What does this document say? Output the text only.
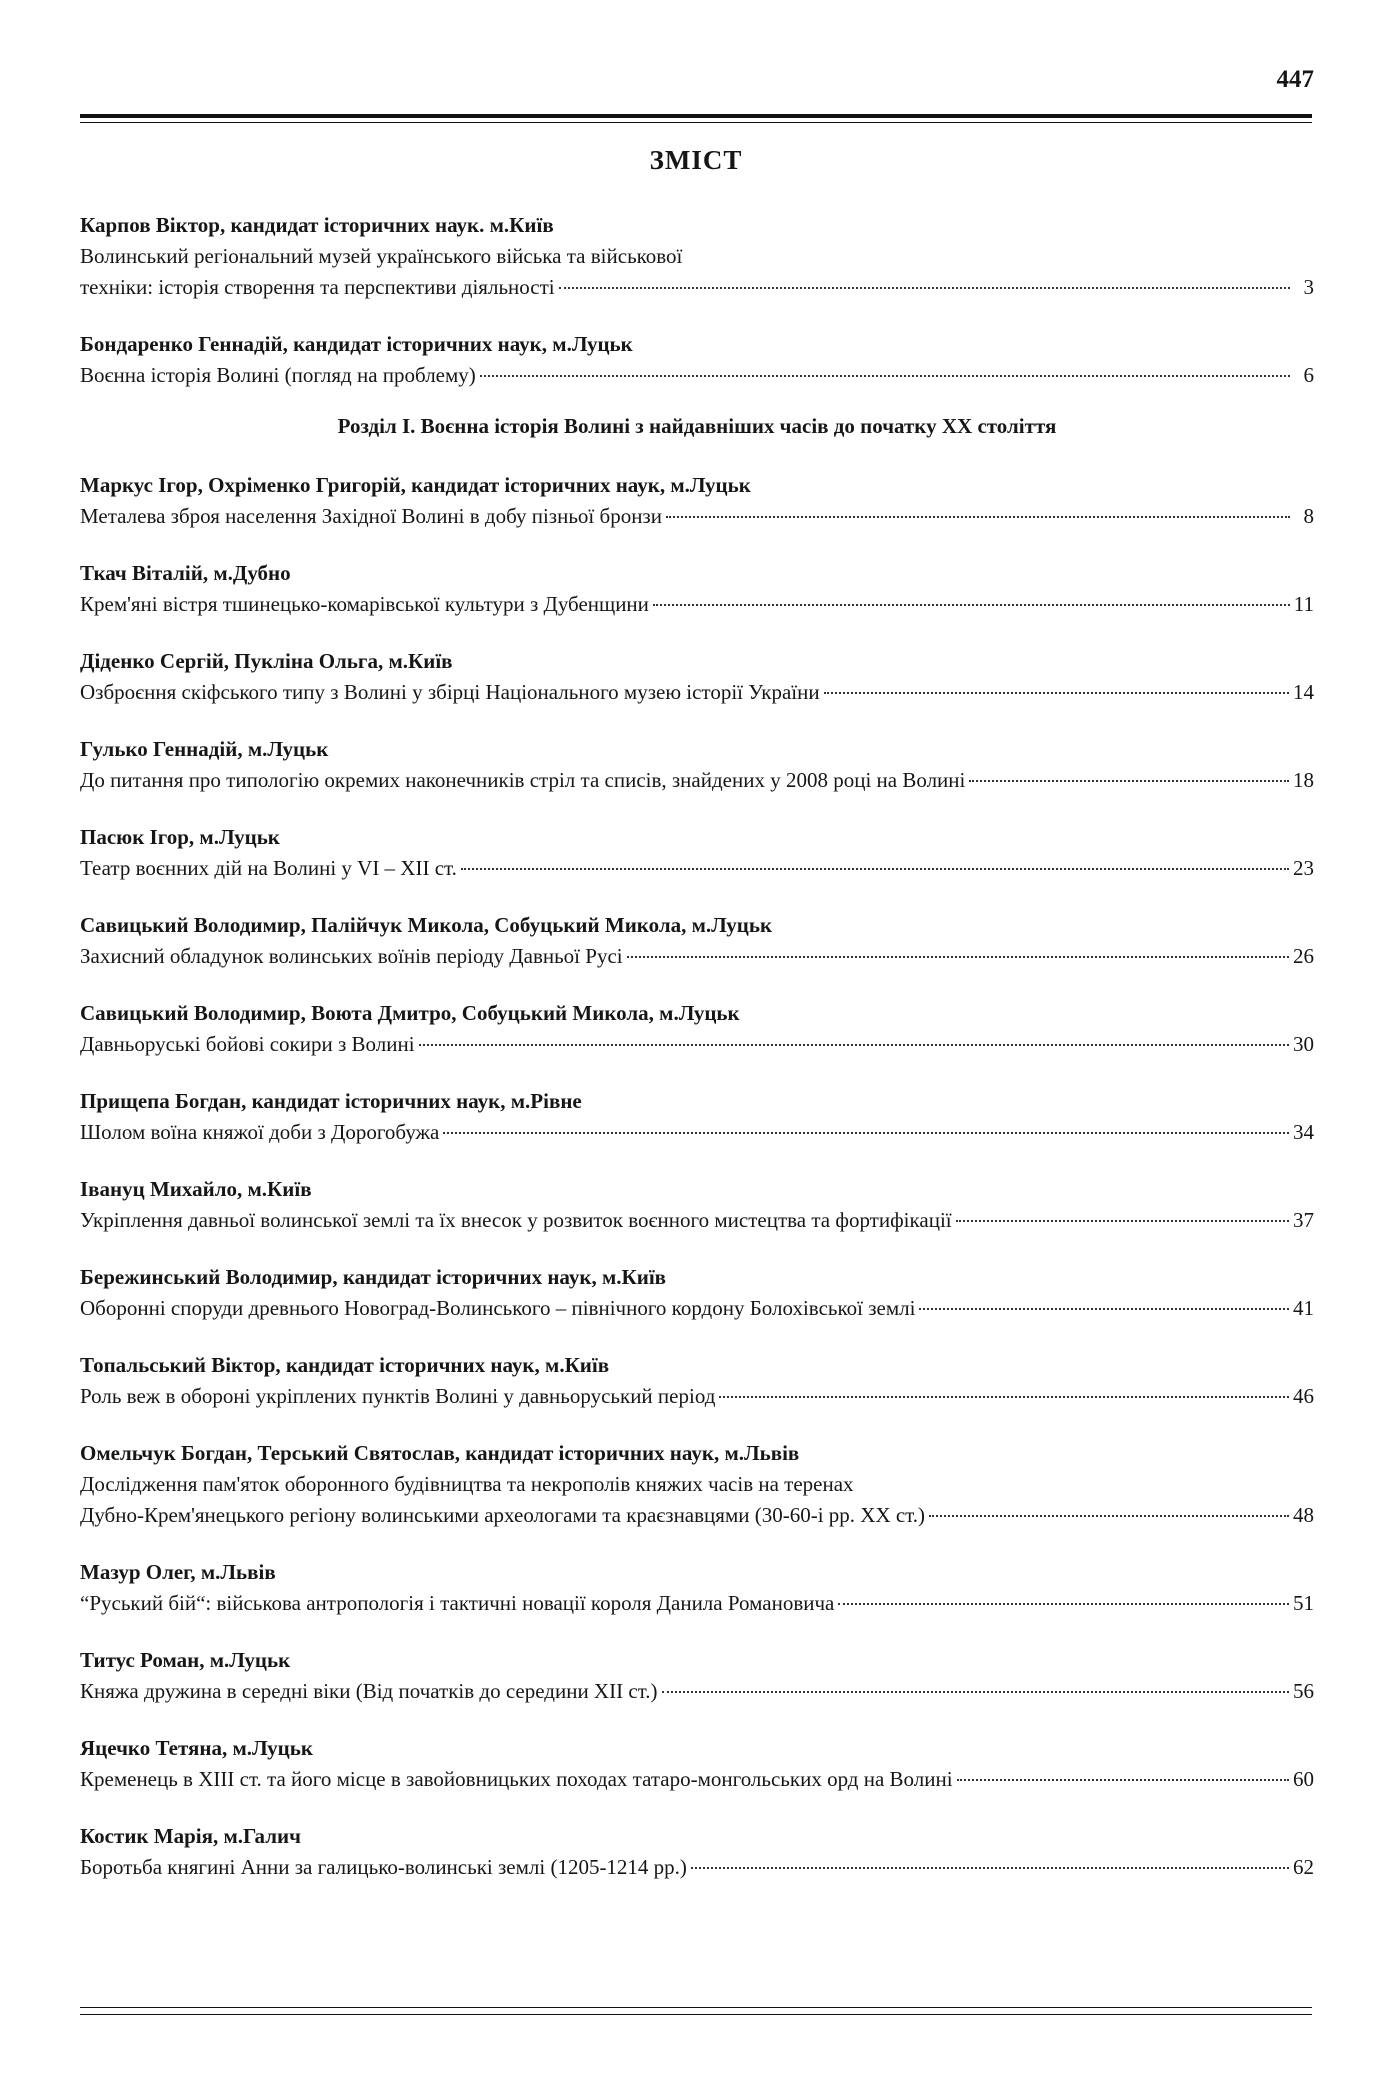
447
ЗМІСТ
Карпов Віктор, кандидат історичних наук. м.Київ
Волинський регіональний музей українського війська та військової
техніки: історія створення та перспективи діяльності	3
Бондаренко Геннадій, кандидат історичних наук, м.Луцьк
Воєнна історія Волині (погляд на проблему)	6
Розділ І. Воєнна історія Волині з найдавніших часів до початку ХХ століття
Маркус Ігор, Охріменко Григорій, кандидат історичних наук, м.Луцьк
Металева зброя населення Західної Волині в добу пізньої бронзи	8
Ткач Віталій, м.Дубно
Крем'яні вістря тшинецько-комарівської культури з Дубенщини	11
Діденко Сергій, Пукліна Ольга, м.Київ
Озброєння скіфського типу з Волині у збірці Національного музею історії України	14
Гулько Геннадій, м.Луцьк
До питання про типологію окремих наконечників стріл та списів, знайдених у 2008 році на Волині	18
Пасюк Ігор, м.Луцьк
Театр воєнних дій на Волині у VI – XII ст.	23
Савицький Володимир, Палійчук Микола, Собуцький Микола, м.Луцьк
Захисний обладунок волинських воїнів періоду Давньої Русі	26
Савицький Володимир, Воюта Дмитро, Собуцький Микола, м.Луцьк
Давньоруські бойові сокири з Волині	30
Прищепа Богдан, кандидат історичних наук, м.Рівне
Шолом воїна княжої доби з Дорогобужа	34
Івануц Михайло, м.Київ
Укріплення давньої волинської землі та їх внесок у розвиток воєнного мистецтва та фортифікації	37
Бережинський Володимир, кандидат історичних наук, м.Київ
Оборонні споруди древнього Новоград-Волинського – північного кордону Болохівської землі	41
Топальський Віктор, кандидат історичних наук, м.Київ
Роль веж в обороні укріплених пунктів Волині у давньоруський період	46
Омельчук Богдан, Терський Святослав, кандидат історичних наук, м.Львів
Дослідження пам'яток оборонного будівництва та некрополів княжих часів на теренах
Дубно-Крем'янецького регіону волинськими археологами та краєзнавцями (30-60-і рр. ХХ ст.)	48
Мазур Олег, м.Львів
“Руський бій“: військова антропологія і тактичні новації короля Данила Романовича	51
Титус Роман, м.Луцьк
Княжа дружина в середні віки (Від початків до середини XII ст.)	56
Яцечко Тетяна, м.Луцьк
Кременець в XIII ст. та його місце в завойовницьких походах татаро-монгольських орд на Волині	60
Костик Марія, м.Галич
Боротьба княгині Анни за галицько-волинські землі (1205-1214 рр.)	62
